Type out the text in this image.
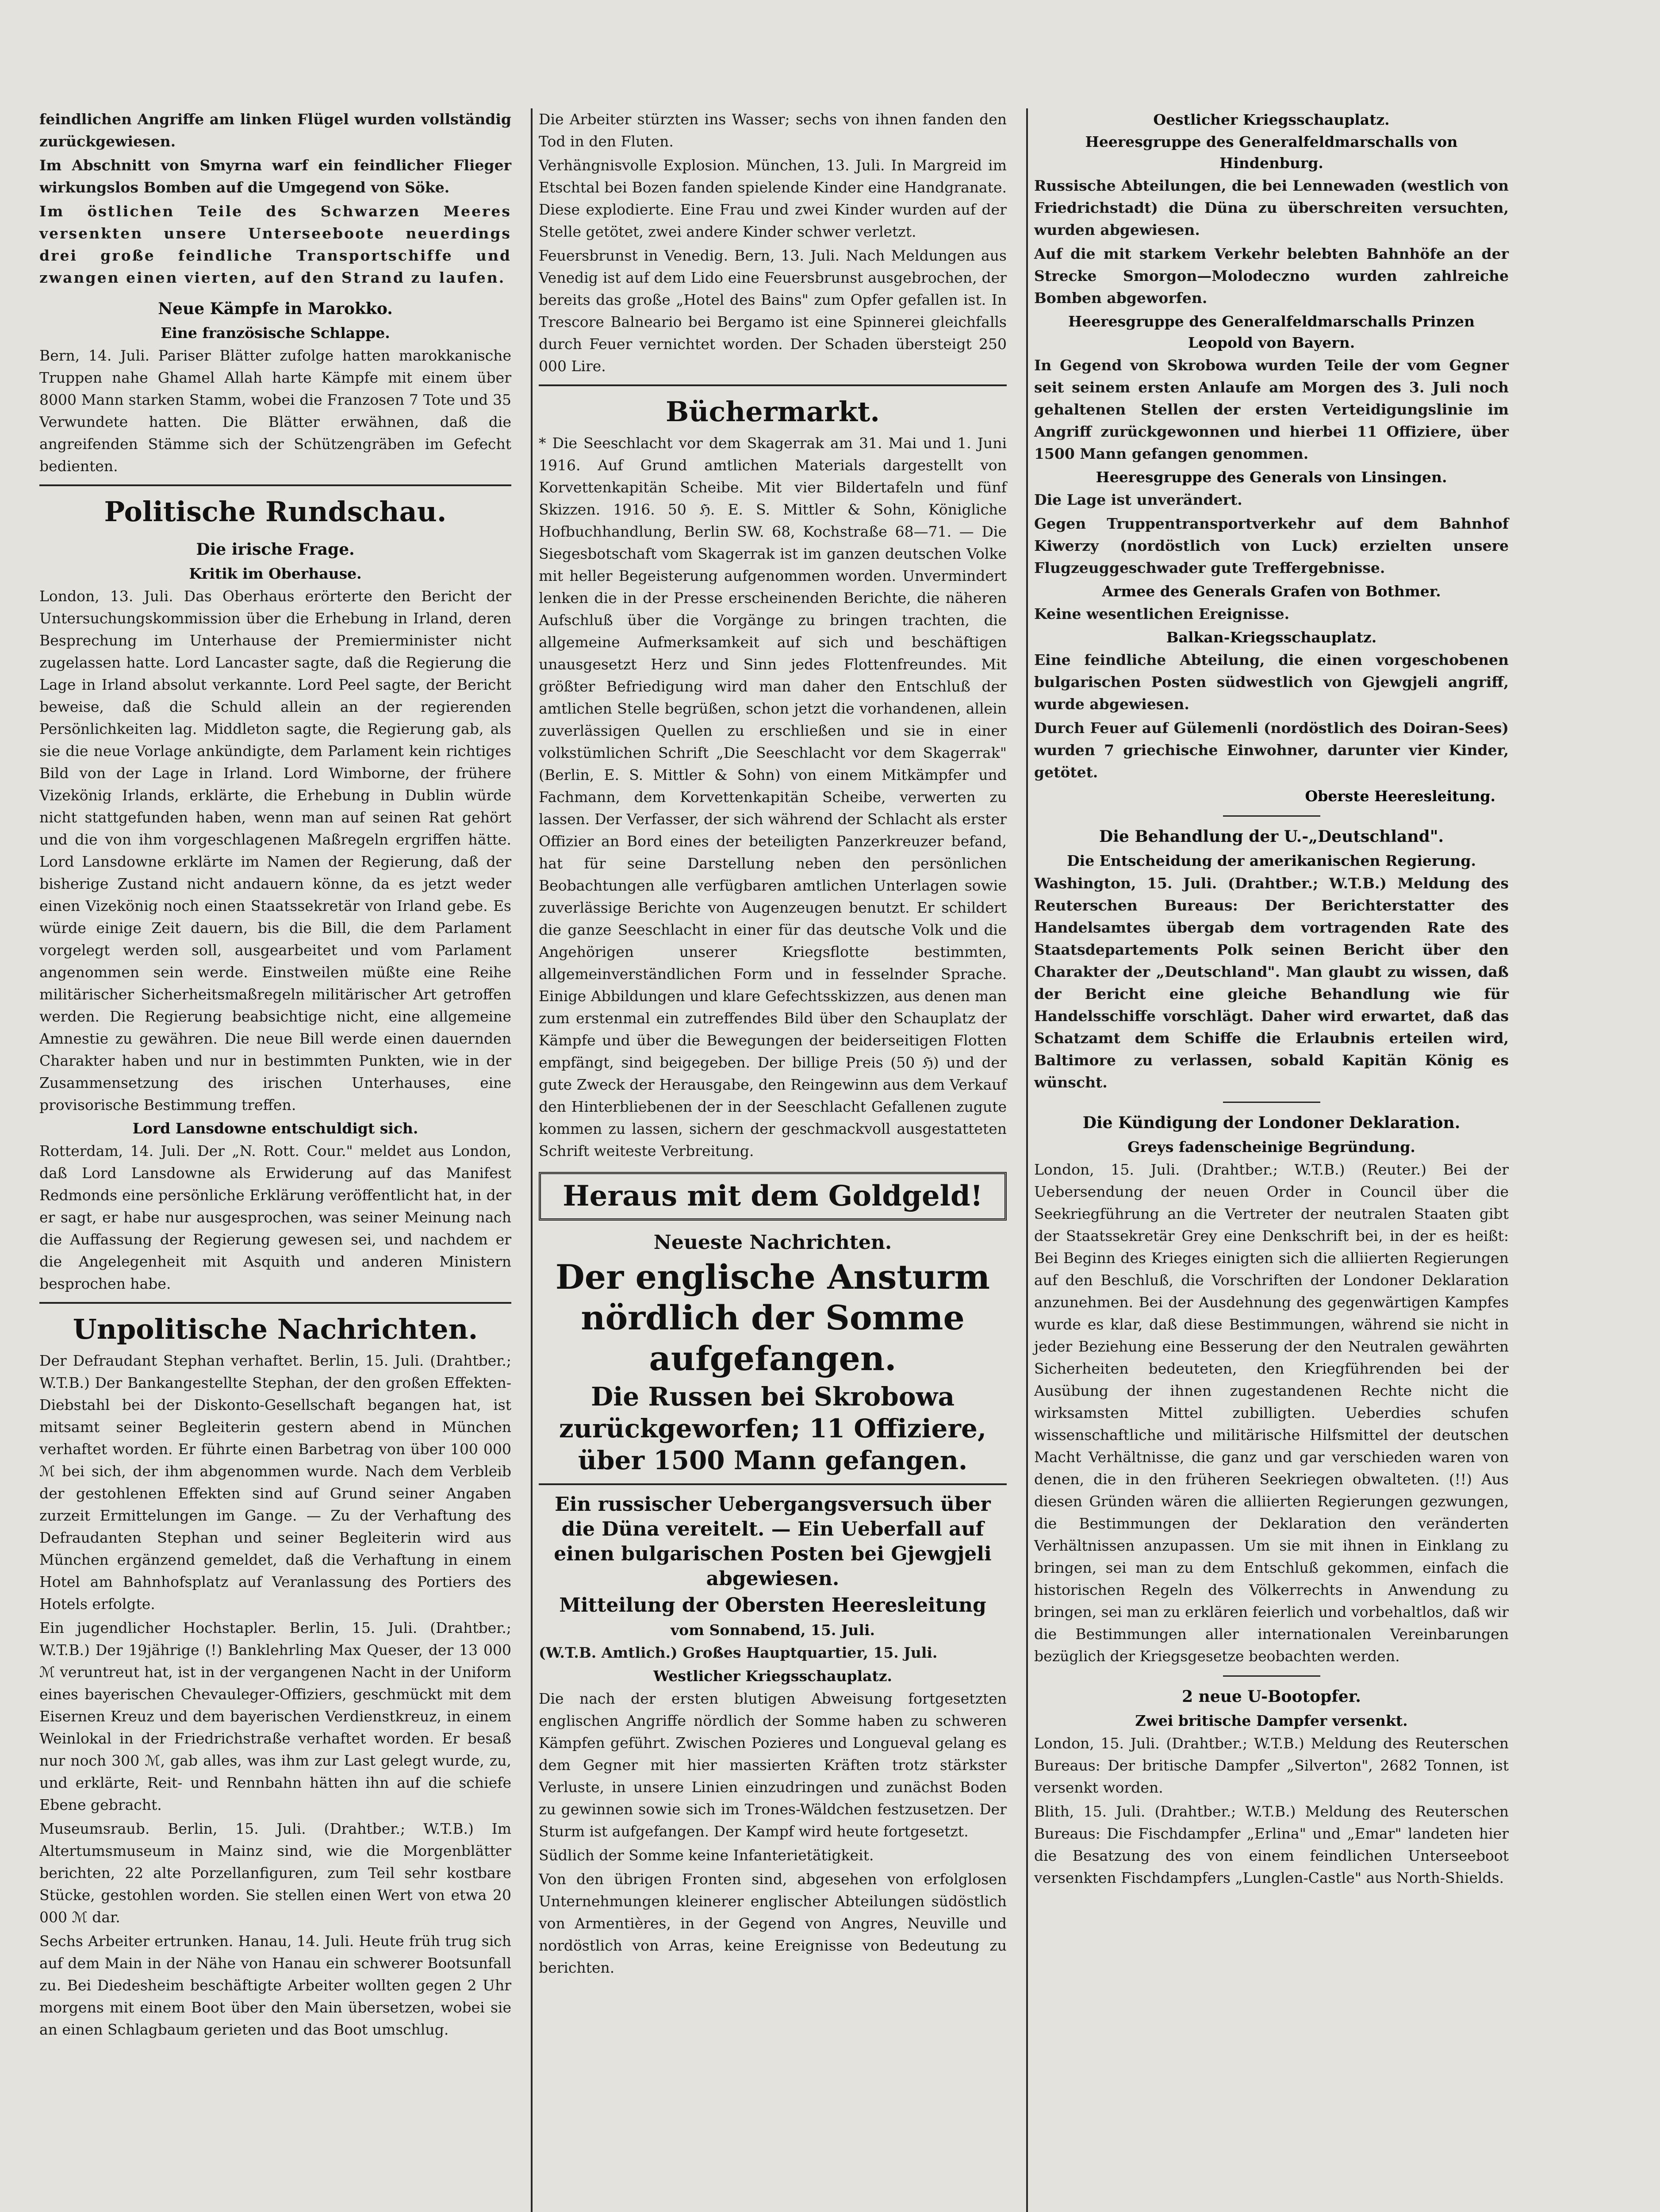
feindlichen Angriffe am linken Flügel wurden vollständig zurückgewiesen.

Im Abschnitt von Smyrna warf ein feindlicher Flieger wirkungslos Bomben auf die Umgegend von Söke.

Im östlichen Teile des Schwarzen Meeres versenkten unsere Unterseeboote neuerdings drei große feindliche Transportschiffe und zwangen einen vierten, auf den Strand zu laufen.

Neue Kämpfe in Marokko.
Eine französische Schlappe.

Bern, 14. Juli. Pariser Blätter zufolge hatten marokkanische Truppen nahe Ghamel Allah harte Kämpfe mit einem über 8000 Mann starken Stamm, wobei die Franzosen 7 Tote und 35 Verwundete hatten. Die Blätter erwähnen, daß die angreifenden Stämme sich der Schützengräben im Gefecht bedienten.

Politische Rundschau.
Die irische Frage.
Kritik im Oberhause.

London, 13. Juli. Das Oberhaus erörterte den Bericht der Untersuchungskommission über die Erhebung in Irland, deren Besprechung im Unterhause der Premierminister nicht zugelassen hatte. Lord Lancaster sagte, daß die Regierung die Lage in Irland absolut verkannte. Lord Peel sagte, der Bericht beweise, daß die Schuld allein an der regierenden Persönlichkeiten lag. Middleton sagte, die Regierung gab, als sie die neue Vorlage ankündigte, dem Parlament kein richtiges Bild von der Lage in Irland. Lord Wimborne, der frühere Vizekönig Irlands, erklärte, die Erhebung in Dublin würde nicht stattgefunden haben, wenn man auf seinen Rat gehört und die von ihm vorgeschlagenen Maßregeln ergriffen hätte. Lord Lansdowne erklärte im Namen der Regierung, daß der bisherige Zustand nicht andauern könne, da es jetzt weder einen Vizekönig noch einen Staatssekretär von Irland gebe. Es würde einige Zeit dauern, bis die Bill, die dem Parlament vorgelegt werden soll, ausgearbeitet und vom Parlament angenommen sein werde. Einstweilen müßte eine Reihe militärischer Sicherheitsmaßregeln militärischer Art getroffen werden. Die Regierung beabsichtige nicht, eine allgemeine Amnestie zu gewähren. Die neue Bill werde einen dauernden Charakter haben und nur in bestimmten Punkten, wie in der Zusammensetzung des irischen Unterhauses, eine provisorische Bestimmung treffen.

Lord Lansdowne entschuldigt sich.

Rotterdam, 14. Juli. Der „N. Rott. Cour." meldet aus London, daß Lord Lansdowne als Erwiderung auf das Manifest Redmonds eine persönliche Erklärung veröffentlicht hat, in der er sagt, er habe nur ausgesprochen, was seiner Meinung nach die Auffassung der Regierung gewesen sei, und nachdem er die Angelegenheit mit Asquith und anderen Ministern besprochen habe.

Unpolitische Nachrichten.

Der Defraudant Stephan verhaftet. Berlin, 15. Juli. (Drahtber.; W.T.B.) Der Bankangestellte Stephan, der den großen Effekten-Diebstahl bei der Diskonto-Gesellschaft begangen hat, ist mitsamt seiner Begleiterin gestern abend in München verhaftet worden. Er führte einen Barbetrag von über 100 000 ℳ bei sich, der ihm abgenommen wurde. Nach dem Verbleib der gestohlenen Effekten sind auf Grund seiner Angaben zurzeit Ermittelungen im Gange. — Zu der Verhaftung des Defraudanten Stephan und seiner Begleiterin wird aus München ergänzend gemeldet, daß die Verhaftung in einem Hotel am Bahnhofsplatz auf Veranlassung des Portiers des Hotels erfolgte.

Ein jugendlicher Hochstapler. Berlin, 15. Juli. (Drahtber.; W.T.B.) Der 19jährige (!) Banklehrling Max Queser, der 13 000 ℳ veruntreut hat, ist in der vergangenen Nacht in der Uniform eines bayerischen Chevauleger-Offiziers, geschmückt mit dem Eisernen Kreuz und dem bayerischen Verdienstkreuz, in einem Weinlokal in der Friedrichstraße verhaftet worden. Er besaß nur noch 300 ℳ, gab alles, was ihm zur Last gelegt wurde, zu, und erklärte, Reit- und Rennbahn hätten ihn auf die schiefe Ebene gebracht.

Museumsraub. Berlin, 15. Juli. (Drahtber.; W.T.B.) Im Altertumsmuseum in Mainz sind, wie die Morgenblätter berichten, 22 alte Porzellanfiguren, zum Teil sehr kostbare Stücke, gestohlen worden. Sie stellen einen Wert von etwa 20 000 ℳ dar.

Sechs Arbeiter ertrunken. Hanau, 14. Juli. Heute früh trug sich auf dem Main in der Nähe von Hanau ein schwerer Bootsunfall zu. Bei Diedesheim beschäftigte Arbeiter wollten gegen 2 Uhr morgens mit einem Boot über den Main übersetzen, wobei sie an einen Schlagbaum gerieten und das Boot umschlug.

Die Arbeiter stürzten ins Wasser; sechs von ihnen fanden den Tod in den Fluten.

Verhängnisvolle Explosion. München, 13. Juli. In Margreid im Etschtal bei Bozen fanden spielende Kinder eine Handgranate. Diese explodierte. Eine Frau und zwei Kinder wurden auf der Stelle getötet, zwei andere Kinder schwer verletzt.

Feuersbrunst in Venedig. Bern, 13. Juli. Nach Meldungen aus Venedig ist auf dem Lido eine Feuersbrunst ausgebrochen, der bereits das große „Hotel des Bains" zum Opfer gefallen ist. In Trescore Balneario bei Bergamo ist eine Spinnerei gleichfalls durch Feuer vernichtet worden. Der Schaden übersteigt 250 000 Lire.

Büchermarkt.

* Die Seeschlacht vor dem Skagerrak am 31. Mai und 1. Juni 1916. Auf Grund amtlichen Materials dargestellt von Korvettenkapitän Scheibe. Mit vier Bildertafeln und fünf Skizzen. 1916. 50 ℌ. E. S. Mittler & Sohn, Königliche Hofbuchhandlung, Berlin SW. 68, Kochstraße 68—71. — Die Siegesbotschaft vom Skagerrak ist im ganzen deutschen Volke mit heller Begeisterung aufgenommen worden. Unvermindert lenken die in der Presse erscheinenden Berichte, die näheren Aufschluß über die Vorgänge zu bringen trachten, die allgemeine Aufmerksamkeit auf sich und beschäftigen unausgesetzt Herz und Sinn jedes Flottenfreundes. Mit größter Befriedigung wird man daher den Entschluß der amtlichen Stelle begrüßen, schon jetzt die vorhandenen, allein zuverlässigen Quellen zu erschließen und sie in einer volkstümlichen Schrift „Die Seeschlacht vor dem Skagerrak" (Berlin, E. S. Mittler & Sohn) von einem Mitkämpfer und Fachmann, dem Korvettenkapitän Scheibe, verwerten zu lassen. Der Verfasser, der sich während der Schlacht als erster Offizier an Bord eines der beteiligten Panzerkreuzer befand, hat für seine Darstellung neben den persönlichen Beobachtungen alle verfügbaren amtlichen Unterlagen sowie zuverlässige Berichte von Augenzeugen benutzt. Er schildert die ganze Seeschlacht in einer für das deutsche Volk und die Angehörigen unserer Kriegsflotte bestimmten, allgemeinverständlichen Form und in fesselnder Sprache. Einige Abbildungen und klare Gefechtsskizzen, aus denen man zum erstenmal ein zutreffendes Bild über den Schauplatz der Kämpfe und über die Bewegungen der beiderseitigen Flotten empfängt, sind beigegeben. Der billige Preis (50 ℌ) und der gute Zweck der Herausgabe, den Reingewinn aus dem Verkauf den Hinterbliebenen der in der Seeschlacht Gefallenen zugute kommen zu lassen, sichern der geschmackvoll ausgestatteten Schrift weiteste Verbreitung.

Heraus mit dem Goldgeld!
Neueste Nachrichten.
Der englische Ansturm nördlich der Somme aufgefangen.
Die Russen bei Skrobowa zurückgeworfen; 11 Offiziere, über 1500 Mann gefangen.
Ein russischer Uebergangsversuch über die Düna vereitelt. — Ein Ueberfall auf einen bulgarischen Posten bei Gjewgjeli abgewiesen.
Mitteilung der Obersten Heeresleitung
vom Sonnabend, 15. Juli.

(W.T.B. Amtlich.) Großes Hauptquartier, 15. Juli.

Westlicher Kriegsschauplatz.

Die nach der ersten blutigen Abweisung fortgesetzten englischen Angriffe nördlich der Somme haben zu schweren Kämpfen geführt. Zwischen Pozieres und Longueval gelang es dem Gegner mit hier massierten Kräften trotz stärkster Verluste, in unsere Linien einzudringen und zunächst Boden zu gewinnen sowie sich im Trones-Wäldchen festzusetzen. Der Sturm ist aufgefangen. Der Kampf wird heute fortgesetzt.

Südlich der Somme keine Infanterietätigkeit.

Von den übrigen Fronten sind, abgesehen von erfolglosen Unternehmungen kleinerer englischer Abteilungen südöstlich von Armentières, in der Gegend von Angres, Neuville und nordöstlich von Arras, keine Ereignisse von Bedeutung zu berichten.

Oestlicher Kriegsschauplatz.
Heeresgruppe des Generalfeldmarschalls von Hindenburg.

Russische Abteilungen, die bei Lennewaden (westlich von Friedrichstadt) die Düna zu überschreiten versuchten, wurden abgewiesen.

Auf die mit starkem Verkehr belebten Bahnhöfe an der Strecke Smorgon—Molodeczno wurden zahlreiche Bomben abgeworfen.

Heeresgruppe des Generalfeldmarschalls Prinzen Leopold von Bayern.

In Gegend von Skrobowa wurden Teile der vom Gegner seit seinem ersten Anlaufe am Morgen des 3. Juli noch gehaltenen Stellen der ersten Verteidigungslinie im Angriff zurückgewonnen und hierbei 11 Offiziere, über 1500 Mann gefangen genommen.

Heeresgruppe des Generals von Linsingen.

Die Lage ist unverändert.

Gegen Truppentransportverkehr auf dem Bahnhof Kiwerzy (nordöstlich von Luck) erzielten unsere Flugzeuggeschwader gute Treffergebnisse.

Armee des Generals Grafen von Bothmer.

Keine wesentlichen Ereignisse.

Balkan-Kriegsschauplatz.

Eine feindliche Abteilung, die einen vorgeschobenen bulgarischen Posten südwestlich von Gjewgjeli angriff, wurde abgewiesen.

Durch Feuer auf Gülemenli (nordöstlich des Doiran-Sees) wurden 7 griechische Einwohner, darunter vier Kinder, getötet.

Oberste Heeresleitung.
Die Behandlung der U.-„Deutschland".
Die Entscheidung der amerikanischen Regierung.

Washington, 15. Juli. (Drahtber.; W.T.B.) Meldung des Reuterschen Bureaus: Der Berichterstatter des Handelsamtes übergab dem vortragenden Rate des Staatsdepartements Polk seinen Bericht über den Charakter der „Deutschland". Man glaubt zu wissen, daß der Bericht eine gleiche Behandlung wie für Handelsschiffe vorschlägt. Daher wird erwartet, daß das Schatzamt dem Schiffe die Erlaubnis erteilen wird, Baltimore zu verlassen, sobald Kapitän König es wünscht.

Die Kündigung der Londoner Deklaration.
Greys fadenscheinige Begründung.

London, 15. Juli. (Drahtber.; W.T.B.) (Reuter.) Bei der Uebersendung der neuen Order in Council über die Seekriegführung an die Vertreter der neutralen Staaten gibt der Staatssekretär Grey eine Denkschrift bei, in der es heißt: Bei Beginn des Krieges einigten sich die alliierten Regierungen auf den Beschluß, die Vorschriften der Londoner Deklaration anzunehmen. Bei der Ausdehnung des gegenwärtigen Kampfes wurde es klar, daß diese Bestimmungen, während sie nicht in jeder Beziehung eine Besserung der den Neutralen gewährten Sicherheiten bedeuteten, den Kriegführenden bei der Ausübung der ihnen zugestandenen Rechte nicht die wirksamsten Mittel zubilligten. Ueberdies schufen wissenschaftliche und militärische Hilfsmittel der deutschen Macht Verhältnisse, die ganz und gar verschieden waren von denen, die in den früheren Seekriegen obwalteten. (!!) Aus diesen Gründen wären die alliierten Regierungen gezwungen, die Bestimmungen der Deklaration den veränderten Verhältnissen anzupassen. Um sie mit ihnen in Einklang zu bringen, sei man zu dem Entschluß gekommen, einfach die historischen Regeln des Völkerrechts in Anwendung zu bringen, sei man zu erklären feierlich und vorbehaltlos, daß wir die Bestimmungen aller internationalen Vereinbarungen bezüglich der Kriegsgesetze beobachten werden.

2 neue U-Bootopfer.
Zwei britische Dampfer versenkt.

London, 15. Juli. (Drahtber.; W.T.B.) Meldung des Reuterschen Bureaus: Der britische Dampfer „Silverton", 2682 Tonnen, ist versenkt worden.

Blith, 15. Juli. (Drahtber.; W.T.B.) Meldung des Reuterschen Bureaus: Die Fischdampfer „Erlina" und „Emar" landeten hier die Besatzung des von einem feindlichen Unterseeboot versenkten Fischdampfers „Lunglen-Castle" aus North-Shields.
